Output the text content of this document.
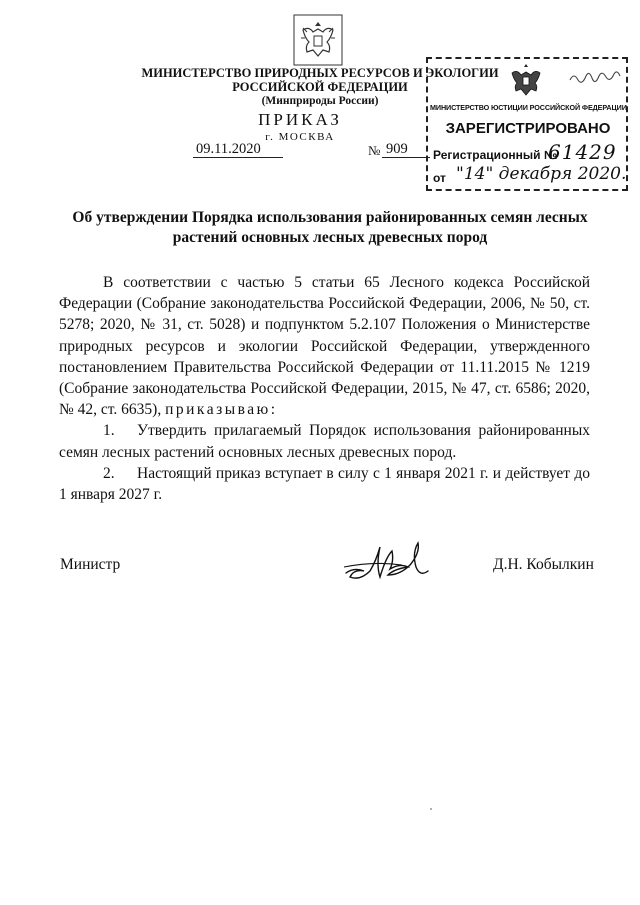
МИНИСТЕРСТВО ПРИРОДНЫХ РЕСУРСОВ И ЭКОЛОГИИ
РОССИЙСКОЙ ФЕДЕРАЦИИ
(Минприроды России)
ПРИКАЗ
г. МОСКВА
09.11.2020	№ 909
МИНИСТЕРСТВО ЮСТИЦИИ РОССИЙСКОЙ ФЕДЕРАЦИИ
ЗАРЕГИСТРИРОВАНО
Регистрационный №
61429
от "14" декабря 2020.
Об утверждении Порядка использования районированных семян лесных
растений основных лесных древесных пород

В соответствии с частью 5 статьи 65 Лесного кодекса Российской Федерации (Собрание законодательства Российской Федерации, 2006, № 50, ст. 5278; 2020, № 31, ст. 5028) и подпунктом 5.2.107 Положения о Министерстве природных ресурсов и экологии Российской Федерации, утвержденного постановлением Правительства Российской Федерации от 11.11.2015 № 1219 (Собрание законодательства Российской Федерации, 2015, № 47, ст. 6586; 2020, № 42, ст. 6635), приказываю:

1. Утвердить прилагаемый Порядок использования районированных семян лесных растений основных лесных древесных пород.

2. Настоящий приказ вступает в силу с 1 января 2021 г. и действует до 1 января 2027 г.

Министр	Д.Н. Кобылкин
